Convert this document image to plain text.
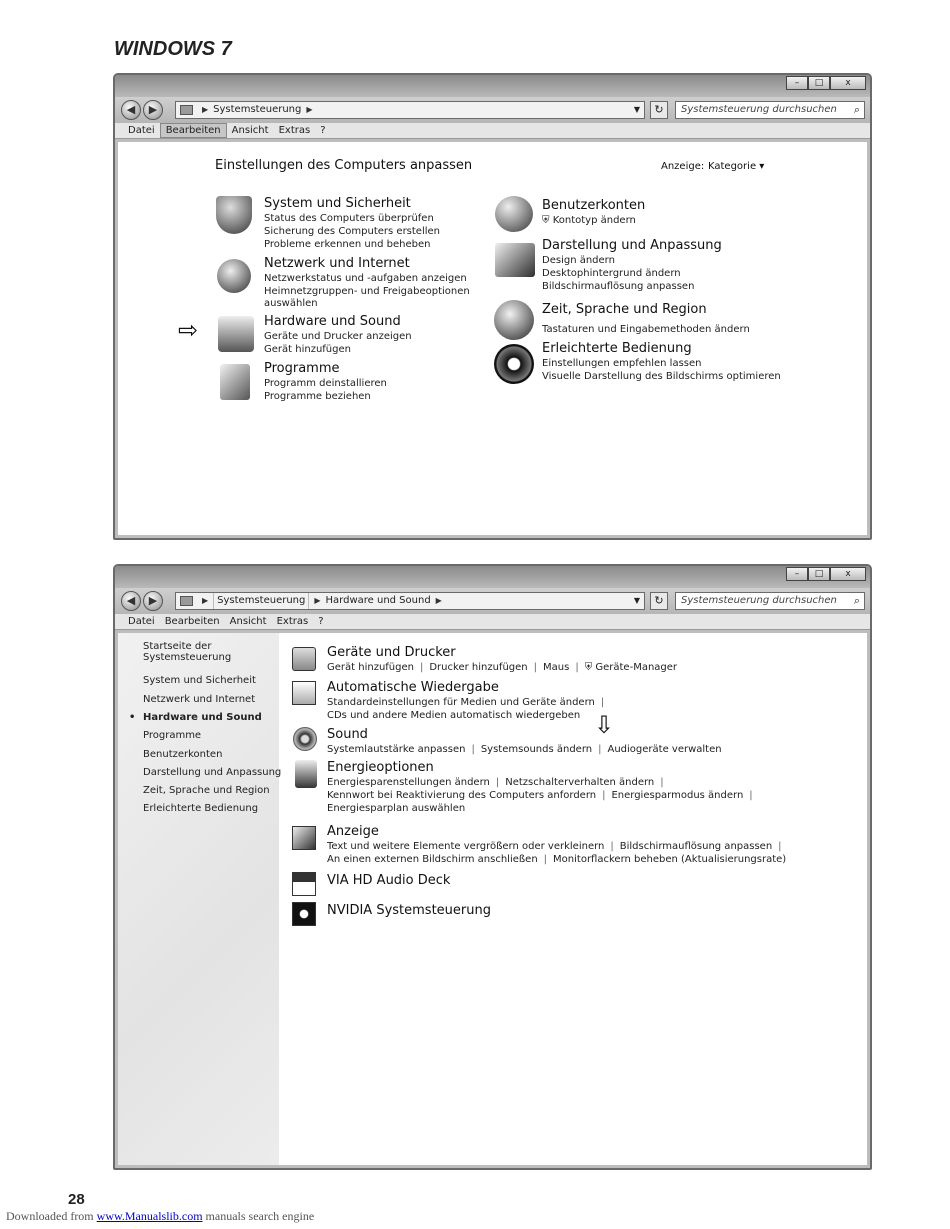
WINDOWS 7
–	□	x
◀	▶	▶ Systemsteuerung ▶	▼	↻	Systemsteuerung durchsuchen ⌕
Datei	Bearbeiten	Ansicht	Extras	?
Einstellungen des Computers anpassen	Anzeige: Kategorie ▾
System und Sicherheit
Status des Computers überprüfen
Sicherung des Computers erstellen
Probleme erkennen und beheben
Netzwerk und Internet
Netzwerkstatus und -aufgaben anzeigen
Heimnetzgruppen- und Freigabeoptionen
auswählen
⇨	Hardware und Sound
Geräte und Drucker anzeigen
Gerät hinzufügen
Programme
Programm deinstallieren
Programme beziehen
Benutzerkonten
⛨ Kontotyp ändern
Darstellung und Anpassung
Design ändern
Desktophintergrund ändern
Bildschirmauflösung anpassen
Zeit, Sprache und Region
Tastaturen und Eingabemethoden ändern
Erleichterte Bedienung
Einstellungen empfehlen lassen
Visuelle Darstellung des Bildschirms optimieren
–	□	x
◀	▶	▶ Systemsteuerung	▶ Hardware und Sound ▶	▼	↻	Systemsteuerung durchsuchen ⌕
Datei	Bearbeiten	Ansicht	Extras	?
Startseite der
Systemsteuerung
System und Sicherheit
Netzwerk und Internet
• Hardware und Sound
Programme
Benutzerkonten
Darstellung und Anpassung
Zeit, Sprache und Region
Erleichterte Bedienung
Geräte und Drucker
Gerät hinzufügen | Drucker hinzufügen | Maus | ⛨ Geräte-Manager
Automatische Wiedergabe
Standardeinstellungen für Medien und Geräte ändern |
CDs und andere Medien automatisch wiedergeben ⇩
Sound
Systemlautstärke anpassen | Systemsounds ändern | Audiogeräte verwalten
Energieoptionen
Energiesparenstellungen ändern | Netzschalterverhalten ändern |
Kennwort bei Reaktivierung des Computers anfordern | Energiesparmodus ändern |
Energiesparplan auswählen
Anzeige
Text und weitere Elemente vergrößern oder verkleinern | Bildschirmauflösung anpassen |
An einen externen Bildschirm anschließen | Monitorflackern beheben (Aktualisierungsrate)
VIA HD Audio Deck
NVIDIA Systemsteuerung
28
Downloaded from www.Manualslib.com manuals search engine
